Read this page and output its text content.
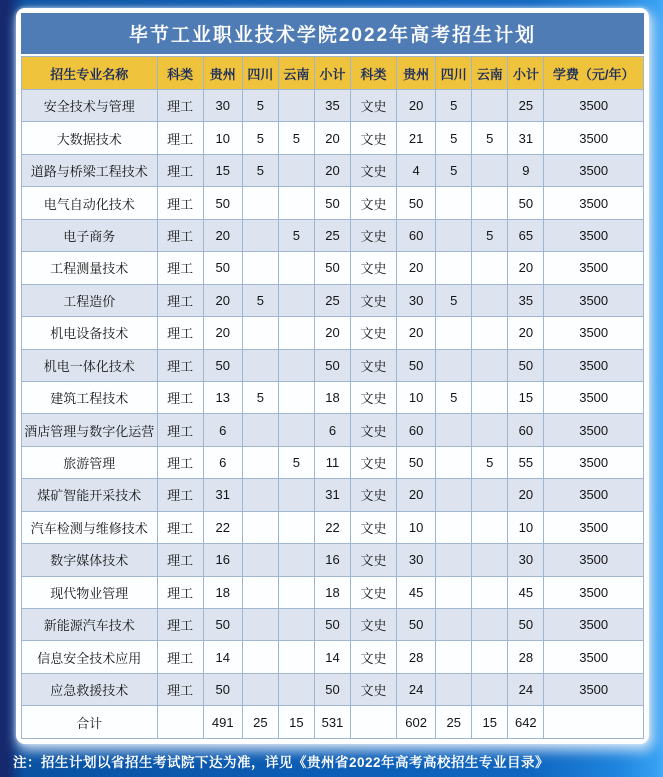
毕节工业职业技术学院2022年高考招生计划
招生专业名称	科类	贵州	四川	云南	小计	科类	贵州	四川	云南	小计	学费（元/年）
安全技术与管理	理工	30	5		35	文史	20	5		25	3500
大数据技术	理工	10	5	5	20	文史	21	5	5	31	3500
道路与桥梁工程技术	理工	15	5		20	文史	4	5		9	3500
电气自动化技术	理工	50			50	文史	50			50	3500
电子商务	理工	20		5	25	文史	60		5	65	3500
工程测量技术	理工	50			50	文史	20			20	3500
工程造价	理工	20	5		25	文史	30	5		35	3500
机电设备技术	理工	20			20	文史	20			20	3500
机电一体化技术	理工	50			50	文史	50			50	3500
建筑工程技术	理工	13	5		18	文史	10	5		15	3500
酒店管理与数字化运营	理工	6			6	文史	60			60	3500
旅游管理	理工	6		5	11	文史	50		5	55	3500
煤矿智能开采技术	理工	31			31	文史	20			20	3500
汽车检测与维修技术	理工	22			22	文史	10			10	3500
数字媒体技术	理工	16			16	文史	30			30	3500
现代物业管理	理工	18			18	文史	45			45	3500
新能源汽车技术	理工	50			50	文史	50			50	3500
信息安全技术应用	理工	14			14	文史	28			28	3500
应急救援技术	理工	50			50	文史	24			24	3500
合计		491	25	15	531		602	25	15	642	
注：招生计划以省招生考试院下达为准，详见《贵州省2022年高考高校招生专业目录》
